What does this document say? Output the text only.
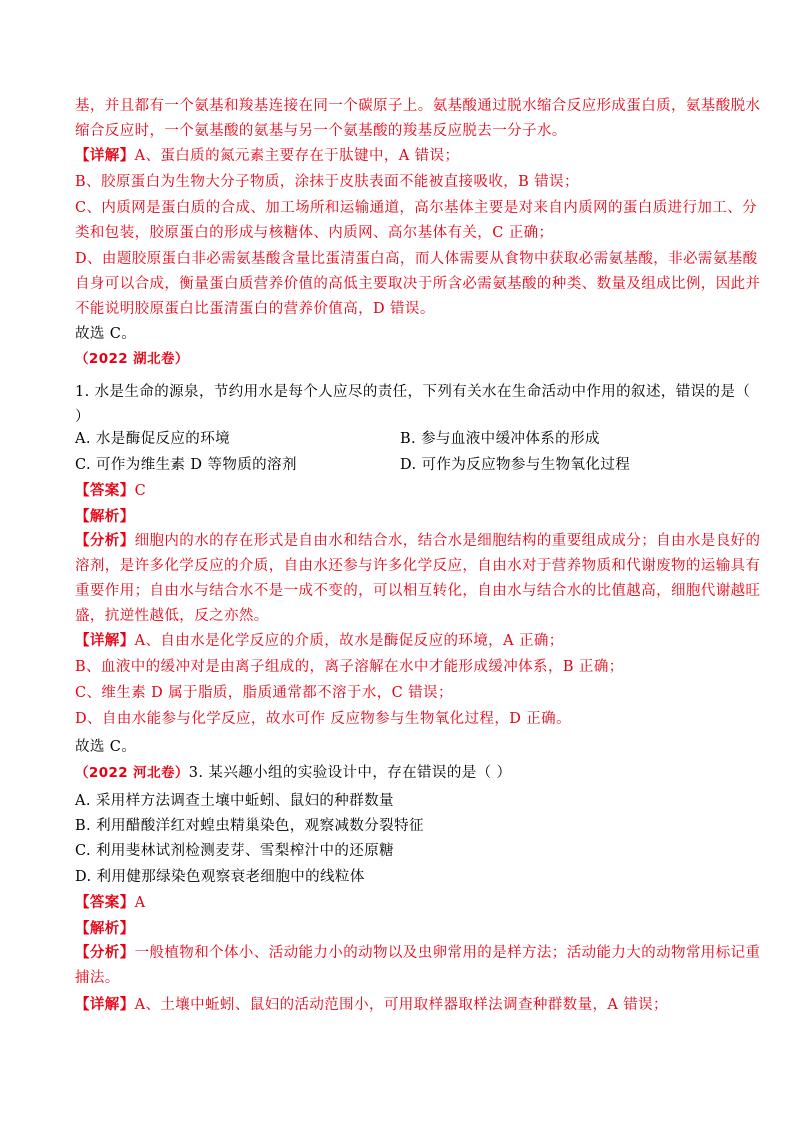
基，并且都有一个氨基和羧基连接在同一个碳原子上。氨基酸通过脱水缩合反应形成蛋白质，氨基酸脱水
缩合反应时，一个氨基酸的氨基与另一个氨基酸的羧基反应脱去一分子水。
【详解】A、蛋白质的氮元素主要存在于肽键中，A 错误；
B、胶原蛋白为生物大分子物质，涂抹于皮肤表面不能被直接吸收，B 错误；
C、内质网是蛋白质的合成、加工场所和运输通道，高尔基体主要是对来自内质网的蛋白质进行加工、分
类和包装，胶原蛋白的形成与核糖体、内质网、高尔基体有关，C 正确；
D、由题胶原蛋白非必需氨基酸含量比蛋清蛋白高，而人体需要从食物中获取必需氨基酸，非必需氨基酸
自身可以合成，衡量蛋白质营养价值的高低主要取决于所含必需氨基酸的种类、数量及组成比例，因此并
不能说明胶原蛋白比蛋清蛋白的营养价值高，D 错误。
故选 C。
（2022 湖北卷）
1. 水是生命的源泉，节约用水是每个人应尽的责任，下列有关水在生命活动中作用的叙述，错误的是（
）
A. 水是酶促反应的环境	B. 参与血液中缓冲体系的形成
C. 可作为维生素 D 等物质的溶剂	D. 可作为反应物参与生物氧化过程
【答案】C
【解析】
【分析】细胞内的水的存在形式是自由水和结合水，结合水是细胞结构的重要组成成分；自由水是良好的
溶剂，是许多化学反应的介质，自由水还参与许多化学反应，自由水对于营养物质和代谢废物的运输具有
重要作用；自由水与结合水不是一成不变的，可以相互转化，自由水与结合水的比值越高，细胞代谢越旺
盛，抗逆性越低，反之亦然。
【详解】A、自由水是化学反应的介质，故水是酶促反应的环境，A 正确；
B、血液中的缓冲对是由离子组成的，离子溶解在水中才能形成缓冲体系，B 正确；
C、维生素 D 属于脂质，脂质通常都不溶于水，C 错误；
D、自由水能参与化学反应，故水可作 反应物参与生物氧化过程，D 正确。
故选 C。
（2022 河北卷）3. 某兴趣小组的实验设计中，存在错误的是（ ）
A. 采用样方法调查土壤中蚯蚓、鼠妇的种群数量
B. 利用醋酸洋红对蝗虫精巢染色，观察减数分裂特征
C. 利用斐林试剂检测麦芽、雪梨榨汁中的还原糖
D. 利用健那绿染色观察衰老细胞中的线粒体
【答案】A
【解析】
【分析】一般植物和个体小、活动能力小的动物以及虫卵常用的是样方法；活动能力大的动物常用标记重
捕法。
【详解】A、土壤中蚯蚓、鼠妇的活动范围小，可用取样器取样法调查种群数量，A 错误；
